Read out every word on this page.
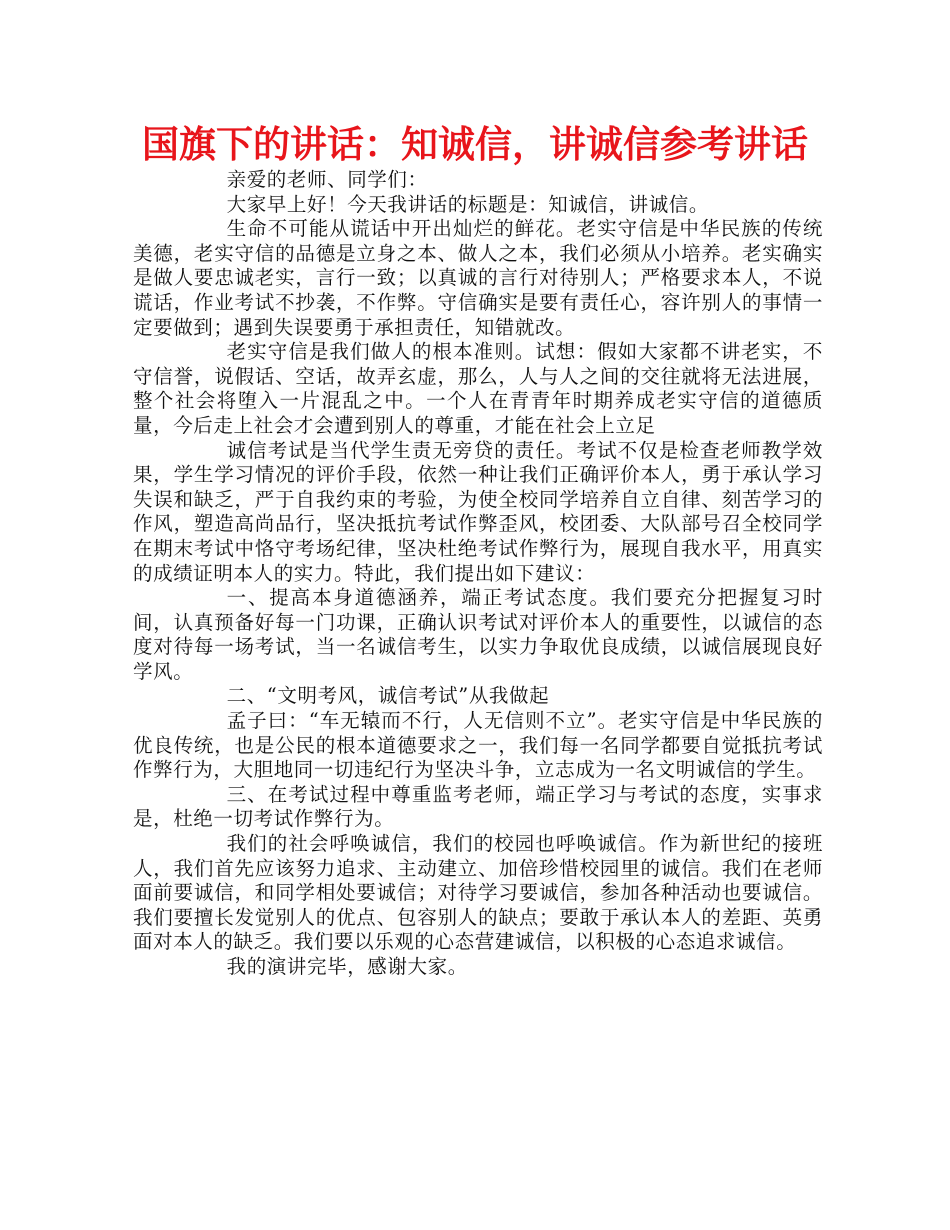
国旗下的讲话：知诚信，讲诚信参考讲话

亲爱的老师、同学们：

大家早上好！今天我讲话的标题是：知诚信，讲诚信。

生命不可能从谎话中开出灿烂的鲜花。老实守信是中华民族的传统美德，老实守信的品德是立身之本、做人之本，我们必须从小培养。老实确实是做人要忠诚老实，言行一致；以真诚的言行对待别人；严格要求本人，不说谎话，作业考试不抄袭，不作弊。守信确实是要有责任心，容许别人的事情一定要做到；遇到失误要勇于承担责任，知错就改。

老实守信是我们做人的根本准则。试想：假如大家都不讲老实，不守信誉，说假话、空话，故弄玄虚，那么，人与人之间的交往就将无法进展，整个社会将堕入一片混乱之中。一个人在青青年时期养成老实守信的道德质量，今后走上社会才会遭到别人的尊重，才能在社会上立足

诚信考试是当代学生责无旁贷的责任。考试不仅是检查老师教学效果，学生学习情况的评价手段，依然一种让我们正确评价本人，勇于承认学习失误和缺乏，严于自我约束的考验，为使全校同学培养自立自律、刻苦学习的作风，塑造高尚品行，坚决抵抗考试作弊歪风，校团委、大队部号召全校同学在期末考试中恪守考场纪律，坚决杜绝考试作弊行为，展现自我水平，用真实的成绩证明本人的实力。特此，我们提出如下建议：

一、提高本身道德涵养，端正考试态度。我们要充分把握复习时间，认真预备好每一门功课，正确认识考试对评价本人的重要性，以诚信的态度对待每一场考试，当一名诚信考生，以实力争取优良成绩，以诚信展现良好学风。

二、“文明考风，诚信考试”从我做起

孟子曰：“车无辕而不行，人无信则不立”。老实守信是中华民族的优良传统，也是公民的根本道德要求之一，我们每一名同学都要自觉抵抗考试作弊行为，大胆地同一切违纪行为坚决斗争，立志成为一名文明诚信的学生。

三、在考试过程中尊重监考老师，端正学习与考试的态度，实事求是，杜绝一切考试作弊行为。

我们的社会呼唤诚信，我们的校园也呼唤诚信。作为新世纪的接班人，我们首先应该努力追求、主动建立、加倍珍惜校园里的诚信。我们在老师面前要诚信，和同学相处要诚信；对待学习要诚信，参加各种活动也要诚信。我们要擅长发觉别人的优点、包容别人的缺点；要敢于承认本人的差距、英勇面对本人的缺乏。我们要以乐观的心态营建诚信，以积极的心态追求诚信。

我的演讲完毕，感谢大家。
